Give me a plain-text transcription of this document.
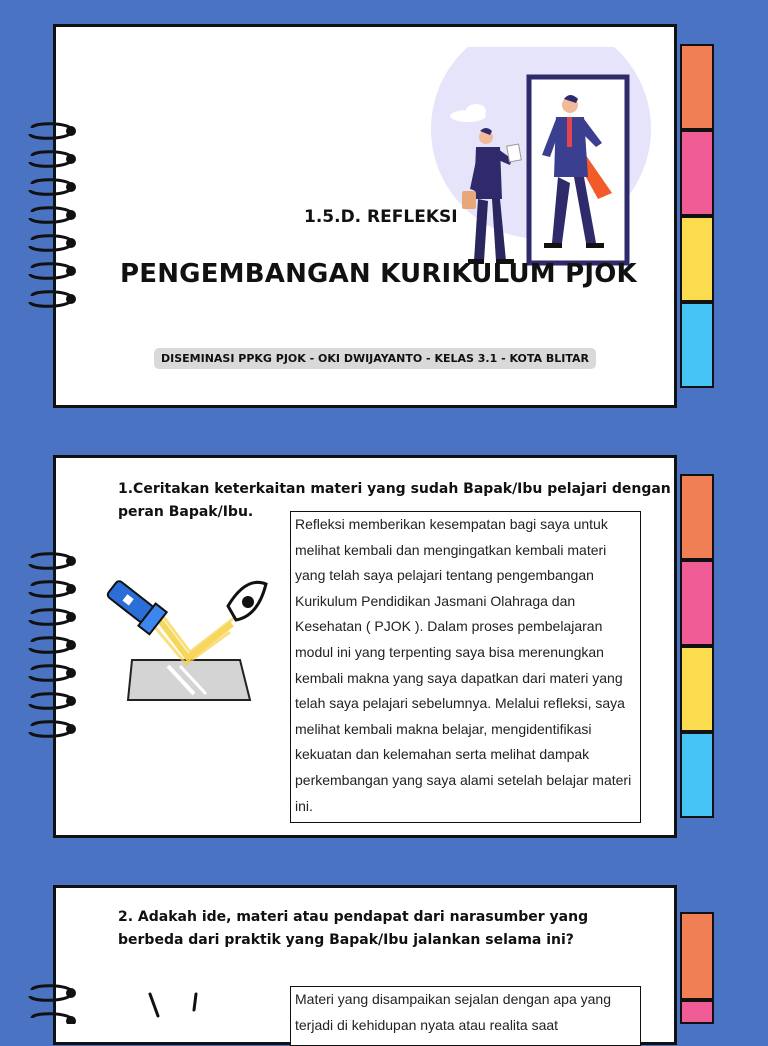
1.5.D. REFLEKSI
PENGEMBANGAN KURIKULUM PJOK
DISEMINASI PPKG PJOK - OKI DWIJAYANTO - KELAS 3.1 - KOTA BLITAR
1.Ceritakan keterkaitan materi yang sudah Bapak/Ibu pelajari dengan peran Bapak/Ibu.
Refleksi memberikan kesempatan bagi saya untuk melihat kembali dan mengingatkan kembali materi yang telah saya pelajari tentang pengembangan Kurikulum Pendidikan Jasmani Olahraga dan Kesehatan ( PJOK ). Dalam proses pembelajaran modul ini yang terpenting saya bisa merenungkan kembali makna yang saya dapatkan dari materi yang telah saya pelajari sebelumnya. Melalui refleksi, saya melihat kembali makna belajar, mengidentifikasi kekuatan dan kelemahan serta melihat dampak perkembangan yang saya alami setelah belajar materi ini.
2. Adakah ide, materi atau pendapat dari narasumber yang berbeda dari praktik yang Bapak/Ibu jalankan selama ini?
Materi yang disampaikan sejalan dengan apa yang terjadi di kehidupan nyata atau realita saat
